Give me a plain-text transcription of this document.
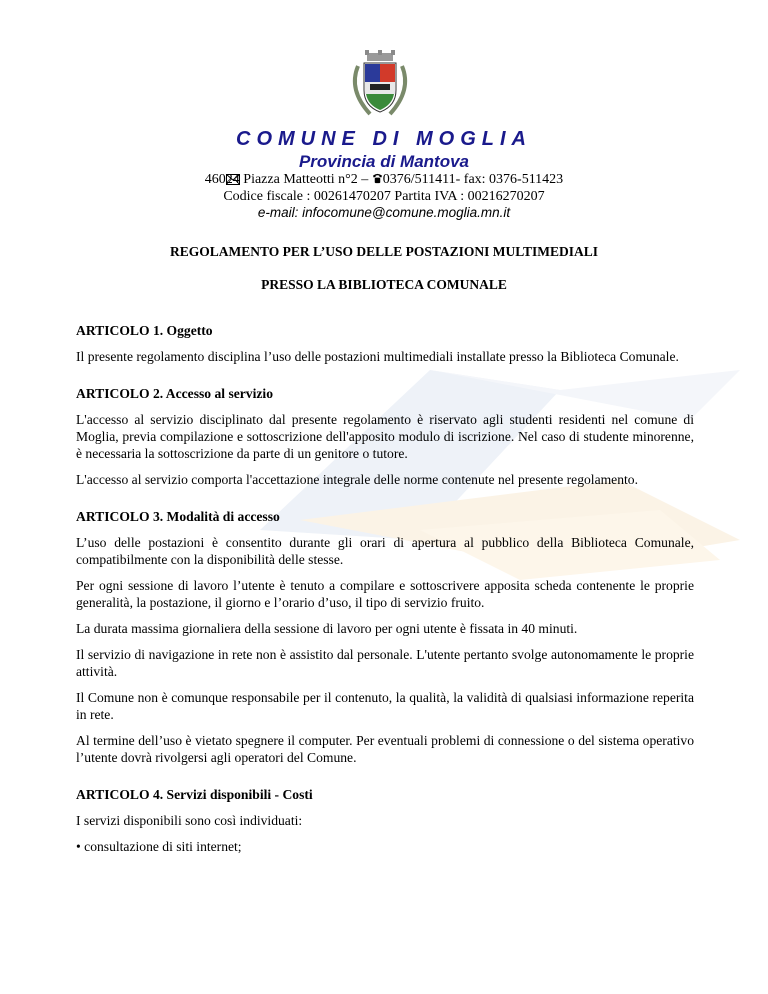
COMUNE DI MOGLIA
Provincia di Mantova
46024 Piazza Matteotti n°2 – 0376/511411- fax: 0376-511423
Codice fiscale : 00261470207 Partita IVA : 00216270207
e-mail: infocomune@comune.moglia.mn.it
REGOLAMENTO PER L’USO DELLE POSTAZIONI MULTIMEDIALI
PRESSO LA BIBLIOTECA COMUNALE
ARTICOLO 1. Oggetto

Il presente regolamento disciplina l’uso delle postazioni multimediali installate presso la Biblioteca Comunale.

ARTICOLO 2. Accesso al servizio

L'accesso al servizio disciplinato dal presente regolamento è riservato agli studenti residenti nel comune di Moglia, previa compilazione e sottoscrizione dell'apposito modulo di iscrizione. Nel caso di studente minorenne, è necessaria la sottoscrizione da parte di un genitore o tutore.

L'accesso al servizio comporta l'accettazione integrale delle norme contenute nel presente regolamento.

ARTICOLO 3. Modalità di accesso

L’uso delle postazioni è consentito durante gli orari di apertura al pubblico della Biblioteca Comunale, compatibilmente con la disponibilità delle stesse.

Per ogni sessione di lavoro l’utente è tenuto a compilare e sottoscrivere apposita scheda contenente le proprie generalità, la postazione, il giorno e l’orario d’uso, il tipo di servizio fruito.

La durata massima giornaliera della sessione di lavoro per ogni utente è fissata in 40 minuti.

Il servizio di navigazione in rete non è assistito dal personale. L'utente pertanto svolge autonomamente le proprie attività.

Il Comune non è comunque responsabile per il contenuto, la qualità, la validità di qualsiasi informazione reperita in rete.

Al termine dell’uso è vietato spegnere il computer. Per eventuali problemi di connessione o del sistema operativo l’utente dovrà rivolgersi agli operatori del Comune.

ARTICOLO 4. Servizi disponibili - Costi

I servizi disponibili sono così individuati:

• consultazione di siti internet;
